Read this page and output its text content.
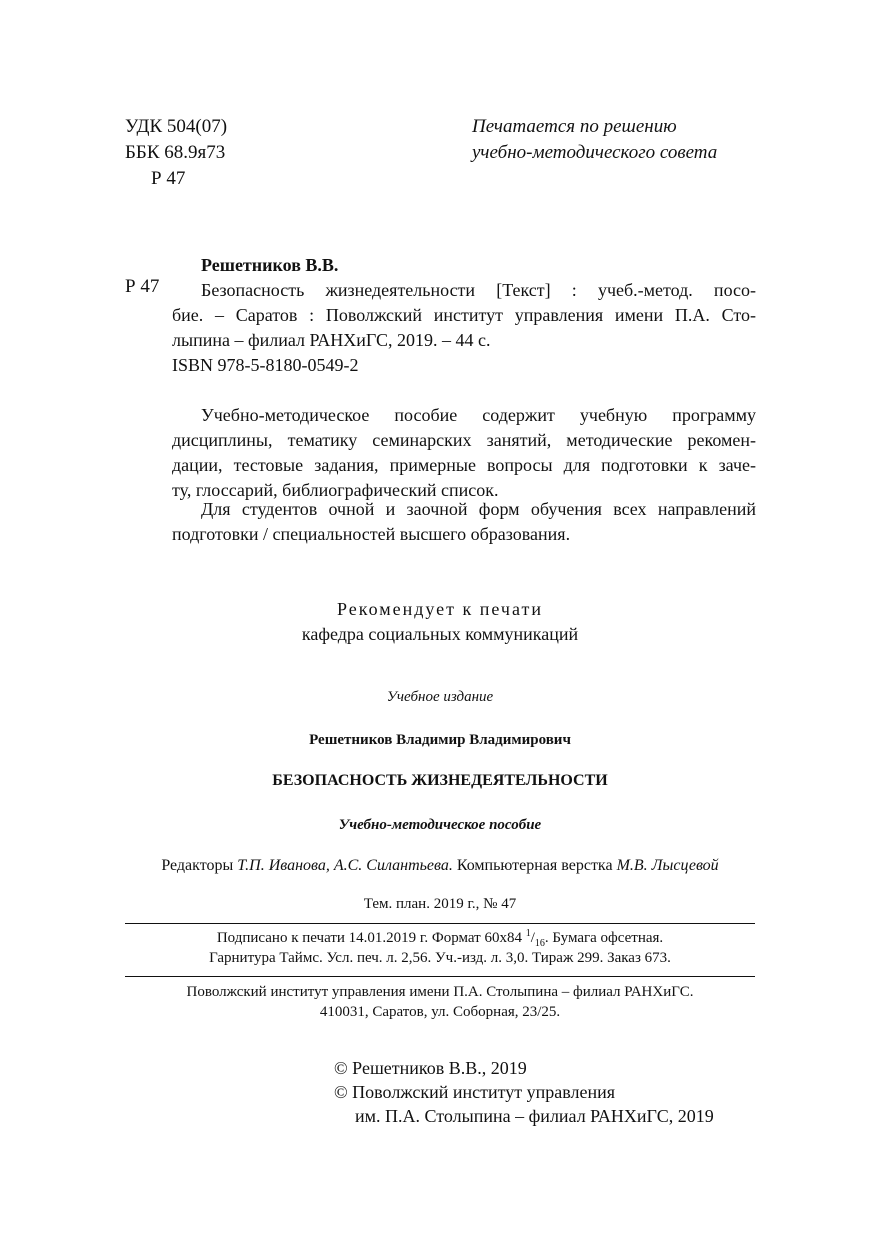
УДК 504(07)
ББК 68.9я73
Р 47
Печатается по решению
учебно-методического совета
Решетников В.В.
Р 47 Безопасность жизнедеятельности [Текст] : учеб.-метод. посо-
бие. – Саратов : Поволжский институт управления имени П.А. Сто-
лыпина – филиал РАНХиГС, 2019. – 44 с.
ISBN 978-5-8180-0549-2
Учебно-методическое пособие содержит учебную программу
дисциплины, тематику семинарских занятий, методические рекомен-
дации, тестовые задания, примерные вопросы для подготовки к заче-
ту, глоссарий, библиографический список.
Для студентов очной и заочной форм обучения всех направлений
подготовки / специальностей высшего образования.
Рекомендует к печати
кафедра социальных коммуникаций
Учебное издание
Решетников Владимир Владимирович
БЕЗОПАСНОСТЬ ЖИЗНЕДЕЯТЕЛЬНОСТИ
Учебно-методическое пособие
Редакторы Т.П. Иванова, А.С. Силантьева. Компьютерная верстка М.В. Лысцевой
Тем. план. 2019 г., № 47
Подписано к печати 14.01.2019 г. Формат 60x84 $^1/_{16}$. Бумага офсетная.
Гарнитура Таймс. Усл. печ. л. 2,56. Уч.-изд. л. 3,0. Тираж 299. Заказ 673.
Поволжский институт управления имени П.А. Столыпина – филиал РАНХиГС.
410031, Саратов, ул. Соборная, 23/25.
© Решетников В.В., 2019
© Поволжский институт управления
им. П.А. Столыпина – филиал РАНХиГС, 2019
